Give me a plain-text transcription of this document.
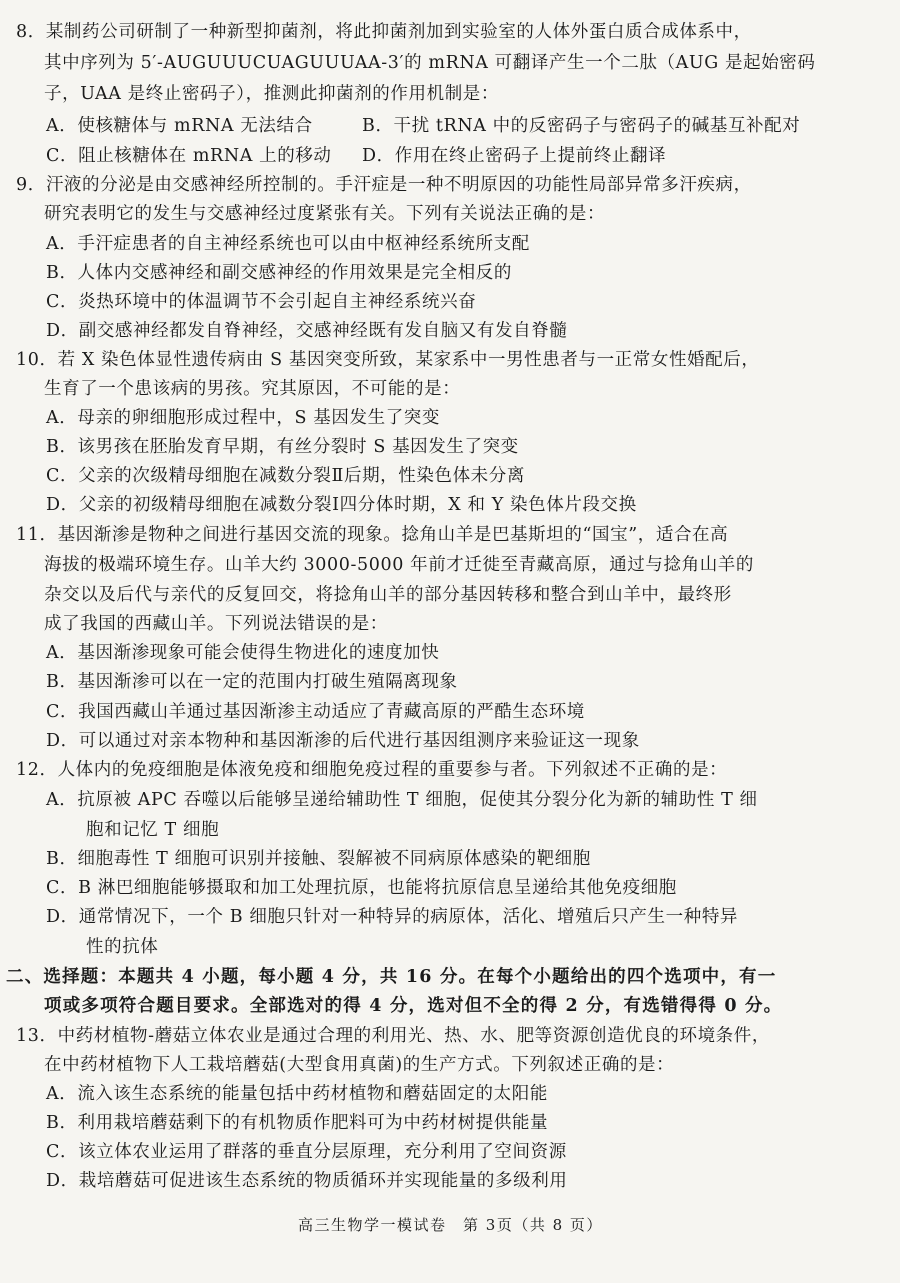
8．某制药公司研制了一种新型抑菌剂，将此抑菌剂加到实验室的人体外蛋白质合成体系中，
其中序列为 5′-AUGUUUCUAGUUUAA-3′的 mRNA 可翻译产生一个二肽（AUG 是起始密码
子，UAA 是终止密码子），推测此抑菌剂的作用机制是：
A．使核糖体与 mRNA 无法结合	B．干扰 tRNA 中的反密码子与密码子的碱基互补配对
C．阻止核糖体在 mRNA 上的移动 D．作用在终止密码子上提前终止翻译
9．汗液的分泌是由交感神经所控制的。手汗症是一种不明原因的功能性局部异常多汗疾病，
研究表明它的发生与交感神经过度紧张有关。下列有关说法正确的是：
A．手汗症患者的自主神经系统也可以由中枢神经系统所支配
B．人体内交感神经和副交感神经的作用效果是完全相反的
C．炎热环境中的体温调节不会引起自主神经系统兴奋
D．副交感神经都发自脊神经，交感神经既有发自脑又有发自脊髓
10．若 X 染色体显性遗传病由 S 基因突变所致，某家系中一男性患者与一正常女性婚配后，
生育了一个患该病的男孩。究其原因，不可能的是：
A．母亲的卵细胞形成过程中，S 基因发生了突变
B．该男孩在胚胎发育早期，有丝分裂时 S 基因发生了突变
C．父亲的次级精母细胞在减数分裂Ⅱ后期，性染色体未分离
D．父亲的初级精母细胞在减数分裂Ⅰ四分体时期，X 和 Y 染色体片段交换
11．基因渐渗是物种之间进行基因交流的现象。捻角山羊是巴基斯坦的“国宝”，适合在高
海拔的极端环境生存。山羊大约 3000-5000 年前才迁徙至青藏高原，通过与捻角山羊的
杂交以及后代与亲代的反复回交，将捻角山羊的部分基因转移和整合到山羊中，最终形
成了我国的西藏山羊。下列说法错误的是：
A．基因渐渗现象可能会使得生物进化的速度加快
B．基因渐渗可以在一定的范围内打破生殖隔离现象
C．我国西藏山羊通过基因渐渗主动适应了青藏高原的严酷生态环境
D．可以通过对亲本物种和基因渐渗的后代进行基因组测序来验证这一现象
12．人体内的免疫细胞是体液免疫和细胞免疫过程的重要参与者。下列叙述不正确的是：
A．抗原被 APC 吞噬以后能够呈递给辅助性 T 细胞，促使其分裂分化为新的辅助性 T 细
胞和记忆 T 细胞
B．细胞毒性 T 细胞可识别并接触、裂解被不同病原体感染的靶细胞
C．B 淋巴细胞能够摄取和加工处理抗原，也能将抗原信息呈递给其他免疫细胞
D．通常情况下，一个 B 细胞只针对一种特异的病原体，活化、增殖后只产生一种特异
性的抗体
二、选择题：本题共 4 小题，每小题 4 分，共 16 分。在每个小题给出的四个选项中，有一
项或多项符合题目要求。全部选对的得 4 分，选对但不全的得 2 分，有选错得得 0 分。
13．中药材植物-蘑菇立体农业是通过合理的利用光、热、水、肥等资源创造优良的环境条件，
在中药材植物下人工栽培蘑菇(大型食用真菌)的生产方式。下列叙述正确的是：
A．流入该生态系统的能量包括中药材植物和蘑菇固定的太阳能
B．利用栽培蘑菇剩下的有机物质作肥料可为中药材树提供能量
C．该立体农业运用了群落的垂直分层原理，充分利用了空间资源
D．栽培蘑菇可促进该生态系统的物质循环并实现能量的多级利用
高三生物学一模试卷　第 3页（共 8 页）
